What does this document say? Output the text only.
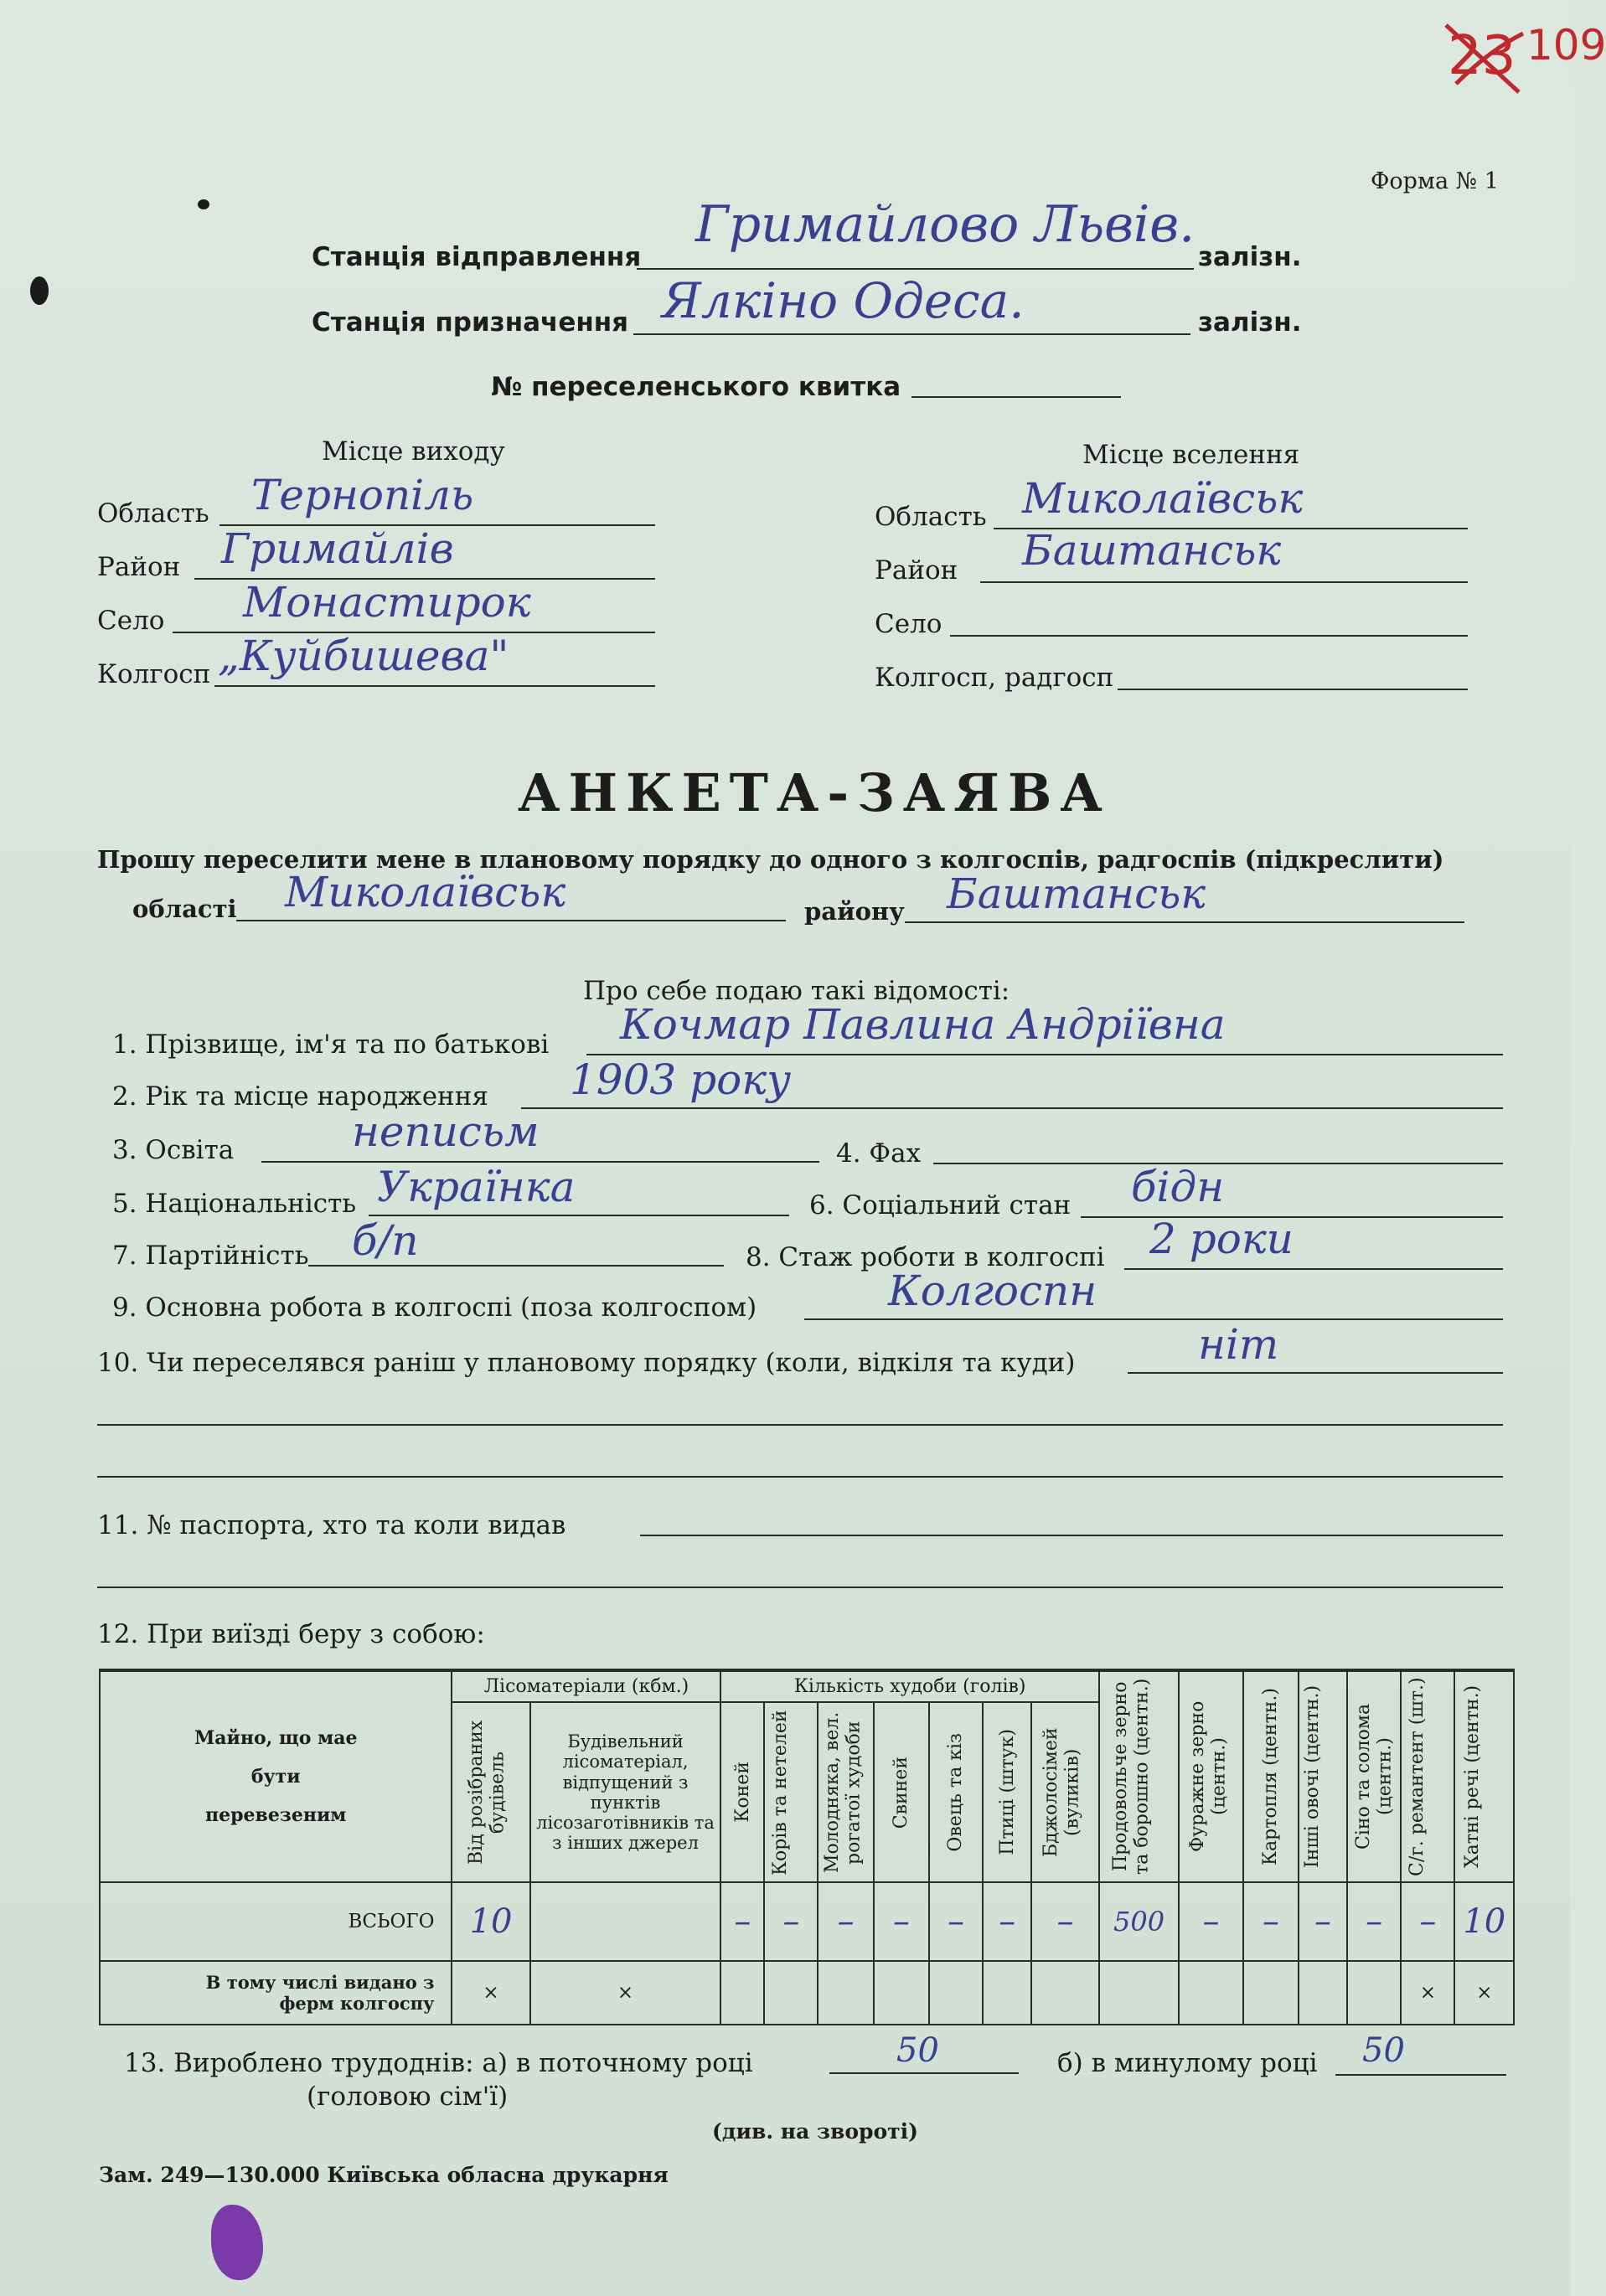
23 109
Форма № 1
Станція відправлення
Гримайлово Львів.
залізн.
Станція призначення Ялкіно Одеса.	залізн.
№ переселенського квитка
Місце виходу
Область Тернопіль
Район Гримайлів
Село Монастирок
Колгосп „Куйбишева"
Місце вселення
Область Миколаївськ
Район Баштанськ
Село
Колгосп, радгосп
АНКЕТА-ЗАЯВА
Прошу переселити мене в плановому порядку до одного з колгоспів, радгоспів (підкреслити)
області Миколаївськ	району Баштанськ
Про себе подаю такі відомості:
1. Прізвище, ім'я та по батькові Кочмар Павлина Андріївна
2. Рік та місце народження 1903 року
3. Освіта	неписьм	4. Фах
5. Національність Українка	6. Соціальний стан бідн
7. Партійність б/п	8. Стаж роботи в колгоспі 2 роки
9. Основна робота в колгоспі (поза колгоспом)	Колгоспн
10. Чи переселявся раніш у плановому порядку (коли, відкіля та куди)	ніт
11. № паспорта, хто та коли видав
12. При виїзді беру з собою:
Майно, що мае бути перевезеним	Лісоматеріали (кбм.)		Кількість худоби (голів)							Продовольче зерно та борошно (центн.)	Фуражне зерно (центн.)	Картопля (центн.)	Інші овочі (центн.)	Сіно та солома (центн.)	С/г. ремантент (шт.)	Хатні речі (центн.)

	Від розібраних будівель	Будівельний лісоматеріал, відпущений з пунктів лісозаготівників та з інших джерел	Коней	Корів та нетелей	Молодняка, вел. рогатої худоби	Свиней	Овець та кіз	Птиці (штук)	Бджолосімей (вуликів)							

ВСЬОГО	10		–	–	–	–	–	–	–	500	–	–	–	–	–	10
В тому числі видано з ферм колгоспу	×	×													×	×
13. Вироблено трудоднів: а) в поточному році	50	б) в минулому році 50
(головою сім'ї)
(див. на звороті)
Зам. 249—130.000 Київська обласна друкарня
